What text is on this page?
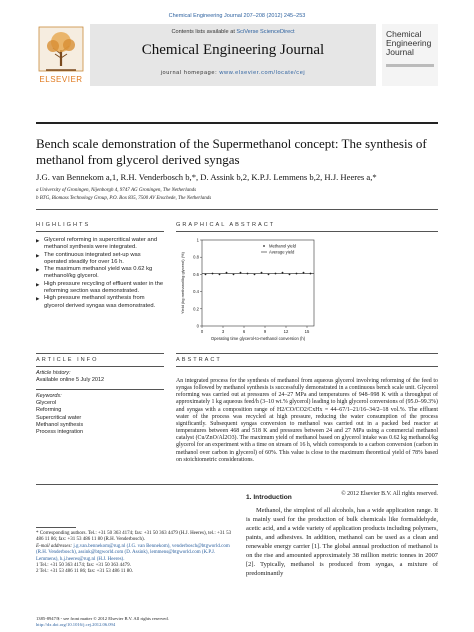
Chemical Engineering Journal 207–208 (2012) 245–253
ELSEVIER
Contents lists available at SciVerse ScienceDirect
Chemical Engineering Journal
journal homepage: www.elsevier.com/locate/cej
Chemical
Engineering
Journal
Bench scale demonstration of the Supermethanol concept: The synthesis of methanol from glycerol derived syngas
J.G. van Bennekom a,1, R.H. Venderbosch b,*, D. Assink b,2, K.P.J. Lemmens b,2, H.J. Heeres a,*
a University of Groningen, Nijenborgh 4, 9747 AG Groningen, The Netherlands
b BTG, Biomass Technology Group, P.O. Box 835, 7500 AV Enschede, The Netherlands
HIGHLIGHTS
▶ Glycerol reforming in supercritical water and methanol synthesis were integrated.
▶ The continuous integrated set-up was operated steadily for over 16 h.
▶ The maximum methanol yield was 0.62 kg methanol/kg glycerol.
▶ High pressure recycling of effluent water in the reforming section was demonstrated.
▶ High pressure methanol synthesis from glycerol derived syngas was demonstrated.
GRAPHICAL ABSTRACT
0
0.2
0.4
0.6
0.8
1
0	3	6	9	12	15
Operating time glycerol-to-methanol conversion (h)
Yield (kg methanol/kg glycerol) (%)
Methanol yield
Average yield
ARTICLE INFO
Article history:
Available online 5 July 2012
Keywords:
Glycerol
Reforming
Supercritical water
Methanol synthesis
Process integration
ABSTRACT
An integrated process for the synthesis of methanol from aqueous glycerol involving reforming of the feed to syngas followed by methanol synthesis is successfully demonstrated in a continuous bench scale unit. Glycerol reforming was carried out at pressures of 24–27 MPa and temperatures of 948–998 K with a throughput of approximately 1 kg aqueous feed/h (3–10 wt.% glycerol) leading to high glycerol conversions of (95.0–99.3%) and syngas with a composition range of H2/CO/CO2/CxHx = 44–67/1–21/16–34/2–18 vol.%. The effluent water of the process was recycled at high pressure, reducing the water consumption of the process significantly. Subsequent syngas conversion to methanol was carried out in a packed bed reactor at temperatures between 468 and 518 K and pressures between 24 and 27 MPa using a commercial methanol catalyst (Cu/ZnO/Al2O3). The maximum yield of methanol based on glycerol intake was 0.62 kg methanol/kg glycerol for an experiment with a time on stream of 16 h, which corresponds to a carbon conversion (carbon in methanol over carbon in glycerol) of 60%. This value is close to the maximum theoretical yield of 78% based on stoichiometric considerations.
© 2012 Elsevier B.V. All rights reserved.
* Corresponding authors. Tel.: +31 50 363 4174; fax: +31 50 363 4479 (H.J. Heeres), tel.: +31 53 486 11 86; fax: +31 53 486 11 80 (R.H. Venderbosch).
E-mail addresses: j.g.van.bennekom@rug.nl (J.G. van Bennekom), venderbosch@btgworld.com (R.H. Venderbosch), assink@btgworld.com (D. Assink), lemmens@btgworld.com (K.P.J. Lemmens), h.j.heeres@rug.nl (H.J. Heeres).
1 Tel.: +31 50 363 4174; fax: +31 50 363 4479.
2 Tel.: +31 53 486 11 86; fax: +31 53 486 11 80.
1385-8947/$ - see front matter © 2012 Elsevier B.V. All rights reserved.
http://dx.doi.org/10.1016/j.cej.2012.06.094
1. Introduction
Methanol, the simplest of all alcohols, has a wide application range. It is mainly used for the production of bulk chemicals like formaldehyde, acetic acid, and a wide variety of application products including polymers, paints, and adhesives. In addition, methanol can be used as a clean and renewable energy carrier [1]. The global annual production of methanol is on the rise and amounted approximately 38 million metric tonnes in 2007 [2]. Typically, methanol is produced from syngas, a mixture of predominantly
